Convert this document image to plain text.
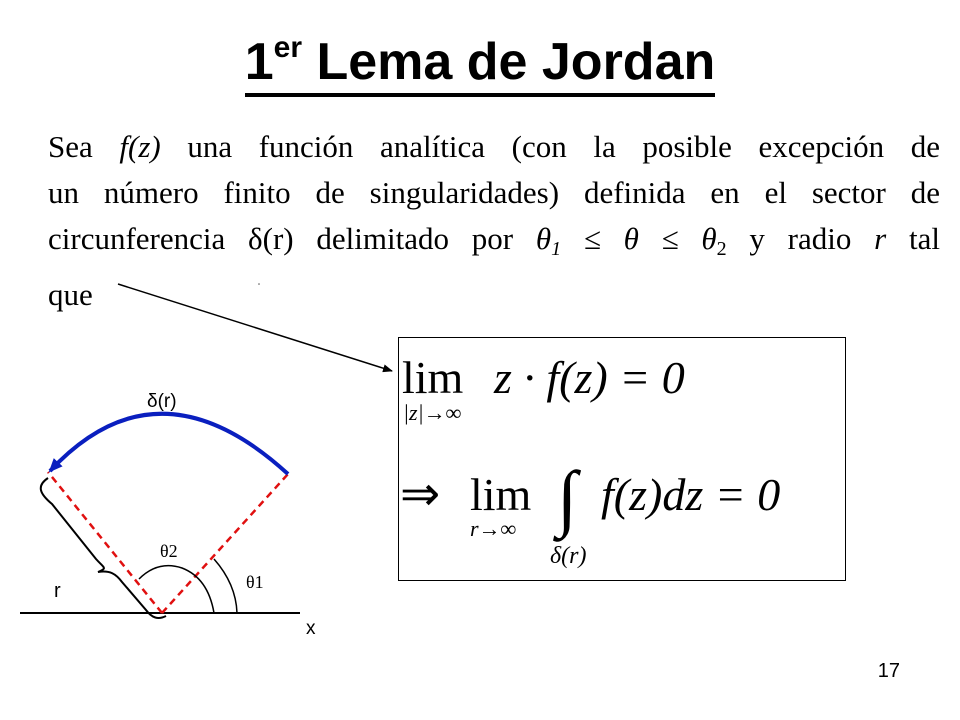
1er Lema de Jordan
Sea f(z) una función analítica (con la posible excepción de
un número finito de singularidades) definida en el sector de
circunferencia δ(r) delimitado por $\theta_1 \le \theta \le \theta_2$ y radio r tal
que
lim
|z|→∞
z · f(z) = 0
⇒ lim
r→∞ ∫
δ(r)
f(z)dz = 0
x
δ(r)
θ1
θ2
r
17
